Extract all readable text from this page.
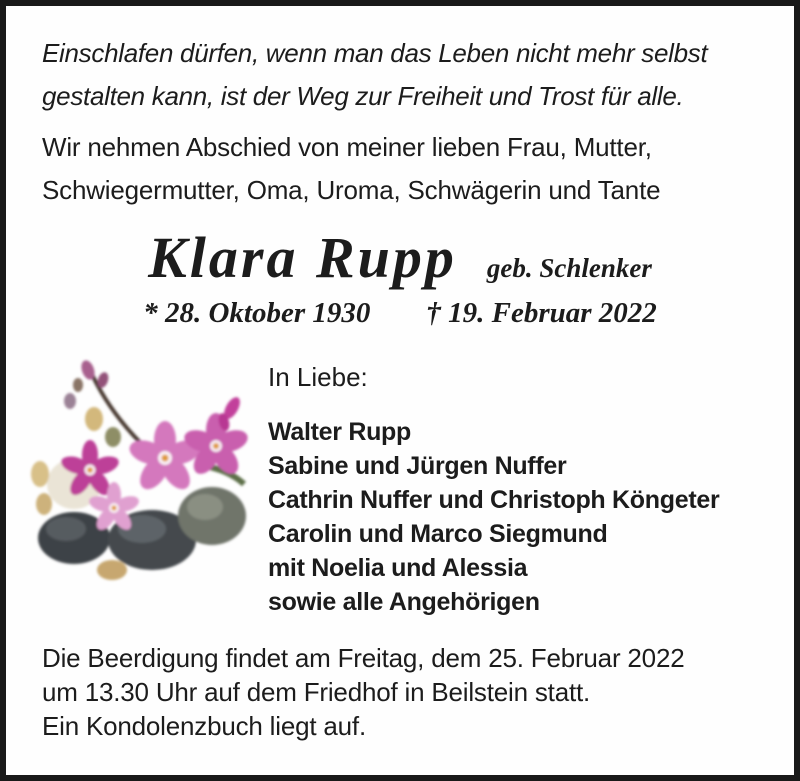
Einschlafen dürfen, wenn man das Leben nicht mehr selbst
gestalten kann, ist der Weg zur Freiheit und Trost für alle.
Wir nehmen Abschied von meiner lieben Frau, Mutter,
Schwiegermutter, Oma, Uroma, Schwägerin und Tante
Klara Rupp geb. Schlenker
* 28. Oktober 1930 † 19. Februar 2022
In Liebe:
Walter Rupp
Sabine und Jürgen Nuffer
Cathrin Nuffer und Christoph Köngeter
Carolin und Marco Siegmund
mit Noelia und Alessia
sowie alle Angehörigen
Die Beerdigung findet am Freitag, dem 25. Februar 2022
um 13.30 Uhr auf dem Friedhof in Beilstein statt.
Ein Kondolenzbuch liegt auf.
